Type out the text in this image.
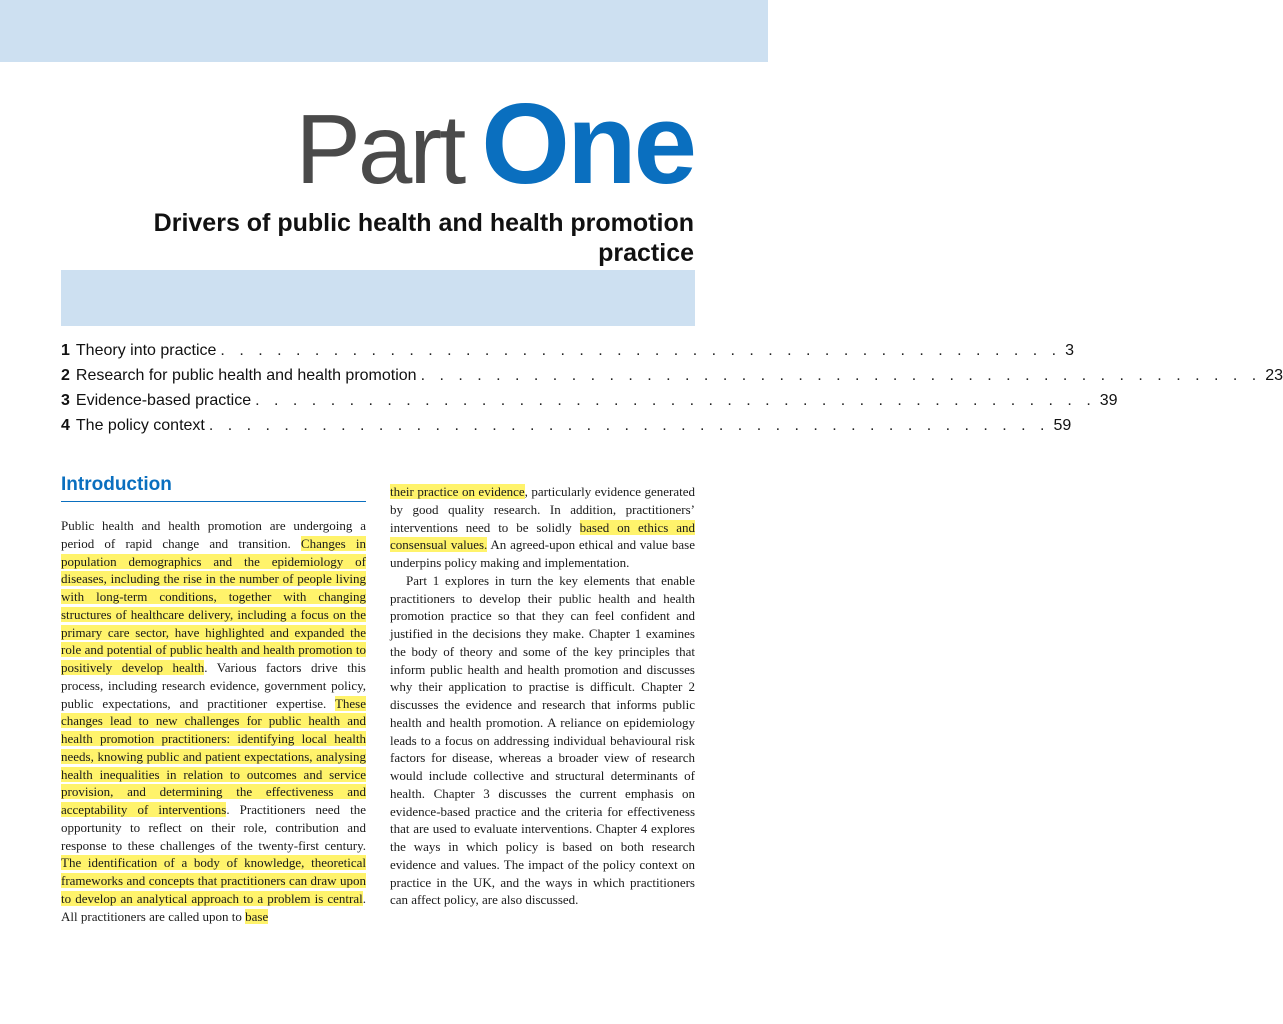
Part One
Drivers of public health and health promotion practice
1 Theory into practice . . . . . . . . . . . . . . . . . . . . . . . . . . . . . . . . . . . . . . . . . . . . . 3
2 Research for public health and health promotion . . . . . . . . . . . . . . . . . . . . . . . . . . . . . . . . . . . . . . . . . . . . . 23
3 Evidence-based practice . . . . . . . . . . . . . . . . . . . . . . . . . . . . . . . . . . . . . . . . . . . . . 39
4 The policy context . . . . . . . . . . . . . . . . . . . . . . . . . . . . . . . . . . . . . . . . . . . . . 59
Introduction

Public health and health promotion are undergoing a period of rapid change and transition. Changes in population demographics and the epidemiology of diseases, including the rise in the number of people living with long-term conditions, together with changing structures of healthcare delivery, including a focus on the primary care sector, have highlighted and expanded the role and potential of public health and health promotion to positively develop health. Various factors drive this process, including research evidence, government policy, public expectations, and practitioner expertise. These changes lead to new challenges for public health and health promotion practitioners: identifying local health needs, knowing public and patient expectations, analysing health inequalities in relation to outcomes and service provision, and determining the effectiveness and acceptability of interventions. Practitioners need the opportunity to reflect on their role, contribution and response to these challenges of the twenty-first century. The identification of a body of knowledge, theoretical frameworks and concepts that practitioners can draw upon to develop an analytical approach to a problem is central. All practitioners are called upon to base

their practice on evidence, particularly evidence generated by good quality research. In addition, practitioners’ interventions need to be solidly based on ethics and consensual values. An agreed-upon ethical and value base underpins policy making and implementation.

Part 1 explores in turn the key elements that enable practitioners to develop their public health and health promotion practice so that they can feel confident and justified in the decisions they make. Chapter 1 examines the body of theory and some of the key principles that inform public health and health promotion and discusses why their application to practise is difficult. Chapter 2 discusses the evidence and research that informs public health and health promotion. A reliance on epidemiology leads to a focus on addressing individual behavioural risk factors for disease, whereas a broader view of research would include collective and structural determinants of health. Chapter 3 discusses the current emphasis on evidence-based practice and the criteria for effectiveness that are used to evaluate interventions. Chapter 4 explores the ways in which policy is based on both research evidence and values. The impact of the policy context on practice in the UK, and the ways in which practitioners can affect policy, are also discussed.
